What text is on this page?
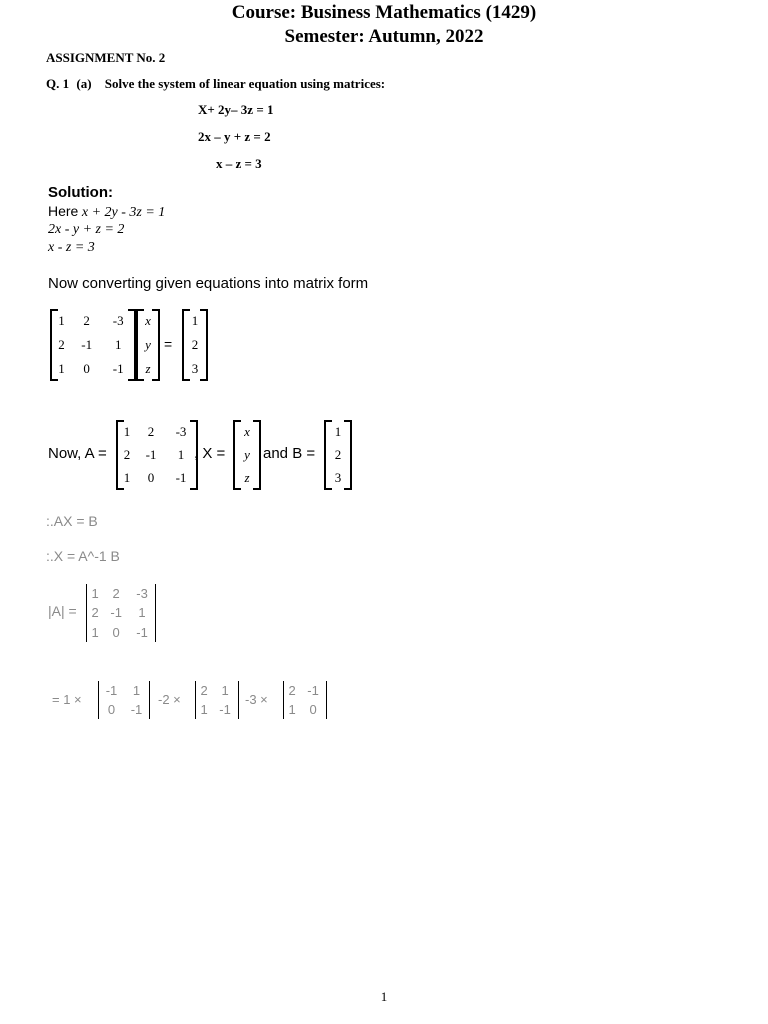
Course: Business Mathematics (1429)
Semester: Autumn, 2022
ASSIGNMENT No. 2
Q. 1 (a) Solve the system of linear equation using matrices:
X+ 2y– 3z = 1
2x – y + z = 2
x – z = 3
Solution:
Here x + 2y - 3z = 1
2x - y + z = 2
x - z = 3
Now converting given equations into matrix form
1	2	-3
2	-1	1
1	0	-1
x
y
z
=
1
2
3
Now, A =
1	2	-3
2	-1	1
1	0	-1
, X =
x
y
z
and B =
1
2
3
:.AX = B
:.X = A^-1 B
|A| =
1	2	-3
2	-1	1
1	0	-1
= 1 ×
-1	1
0	-1
-2 ×
2	1
1	-1
-3 ×
2	-1
1	0
1
